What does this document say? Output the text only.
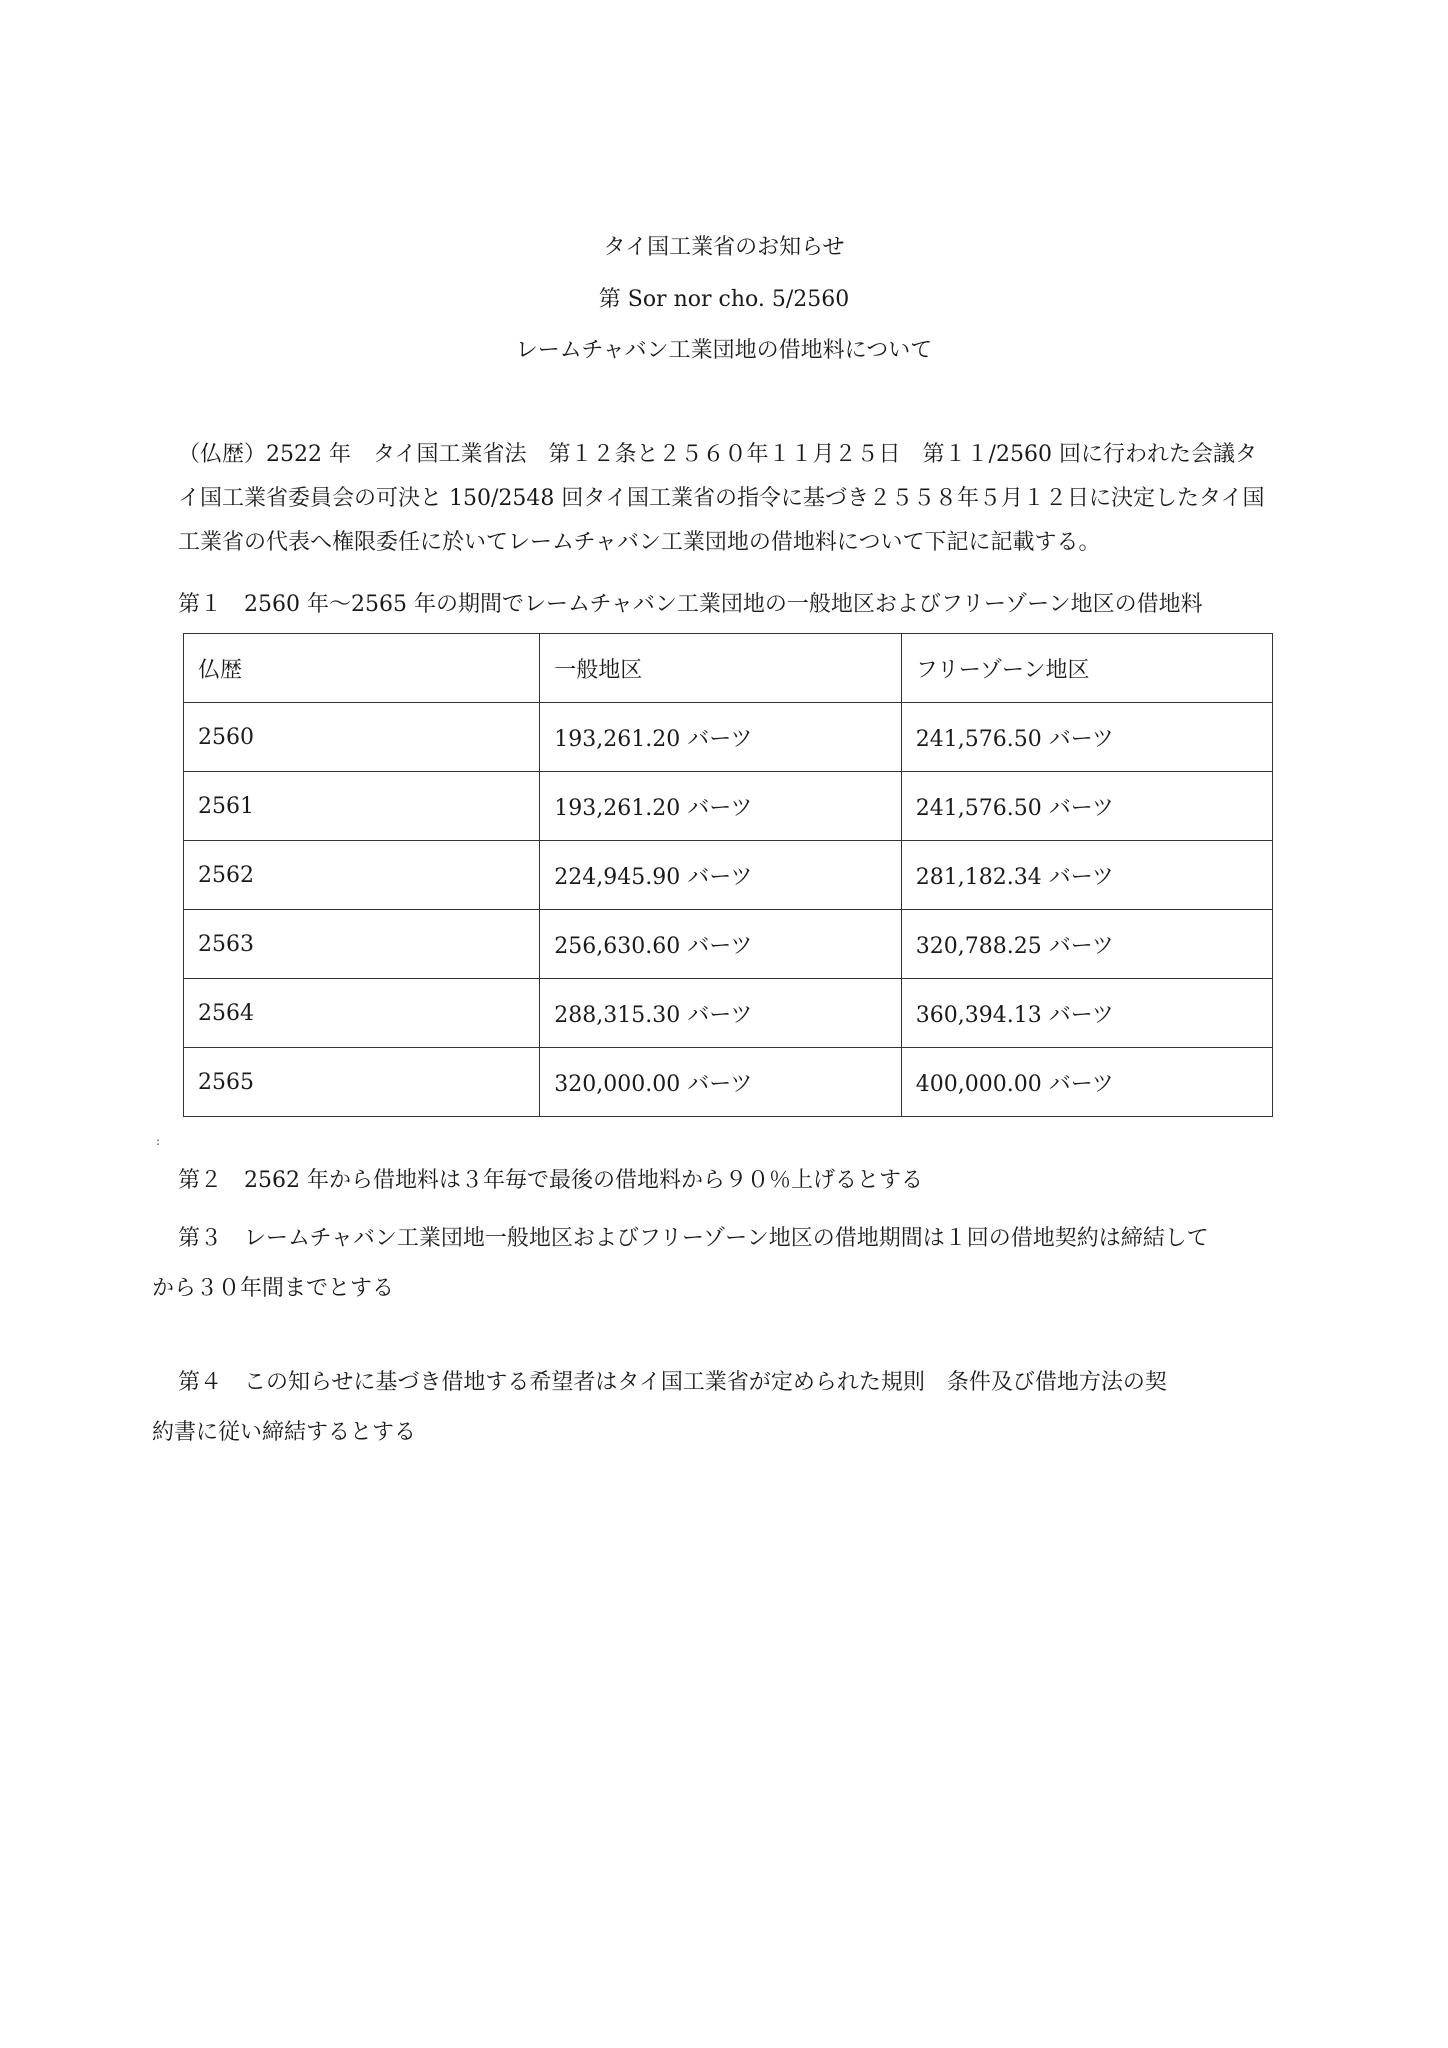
タイ国工業省のお知らせ
第 Sor nor cho. 5/2560
レームチャバン工業団地の借地料について
（仏歴）2522 年　タイ国工業省法　第１２条と２５６０年１１月２５日　第１１/2560 回に行われた会議タ
イ国工業省委員会の可決と 150/2548 回タイ国工業省の指令に基づき２５５８年５月１２日に決定したタイ国
工業省の代表へ権限委任に於いてレームチャバン工業団地の借地料について下記に記載する。
第１　2560 年～2565 年の期間でレームチャバン工業団地の一般地区およびフリーゾーン地区の借地料
仏歴	一般地区	フリーゾーン地区
2560	193,261.20 バーツ	241,576.50 バーツ
2561	193,261.20 バーツ	241,576.50 バーツ
2562	224,945.90 バーツ	281,182.34 バーツ
2563	256,630.60 バーツ	320,788.25 バーツ
2564	288,315.30 バーツ	360,394.13 バーツ
2565	320,000.00 バーツ	400,000.00 バーツ
:
第２　2562 年から借地料は３年毎で最後の借地料から９０％上げるとする
第３　レームチャバン工業団地一般地区およびフリーゾーン地区の借地期間は１回の借地契約は締結して
から３０年間までとする
第４　この知らせに基づき借地する希望者はタイ国工業省が定められた規則　条件及び借地方法の契
約書に従い締結するとする
